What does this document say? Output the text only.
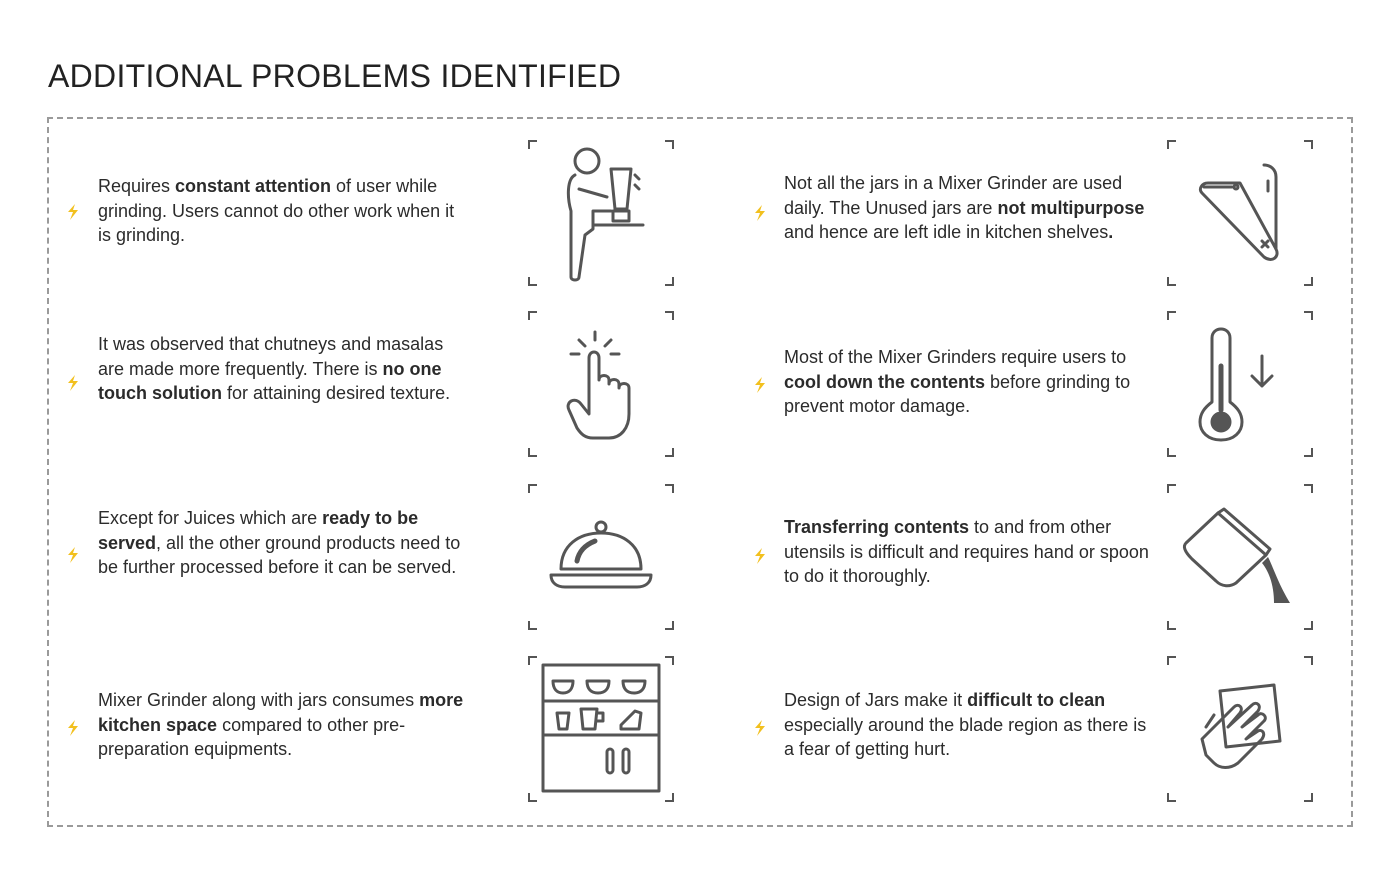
ADDITIONAL PROBLEMS IDENTIFIED
Requires constant attention of user while grinding. Users cannot do other work when it is grinding.
It was observed that chutneys and masalas are made more frequently. There is no one touch solution for attaining desired texture.
Except for Juices which are ready to be served, all the other ground products need to be further processed before it can be served.
Mixer Grinder along with jars consumes more kitchen space compared to other pre-preparation equipments.
Not all the jars in a Mixer Grinder are used daily. The Unused jars are not multipurpose and hence are left idle in kitchen shelves.
Most of the Mixer Grinders require users to cool down the contents before grinding to prevent motor damage.
Transferring contents to and from other utensils is difficult and requires hand or spoon to do it thoroughly.
Design of Jars make it difficult to clean especially around the blade region as there is a fear of getting hurt.
